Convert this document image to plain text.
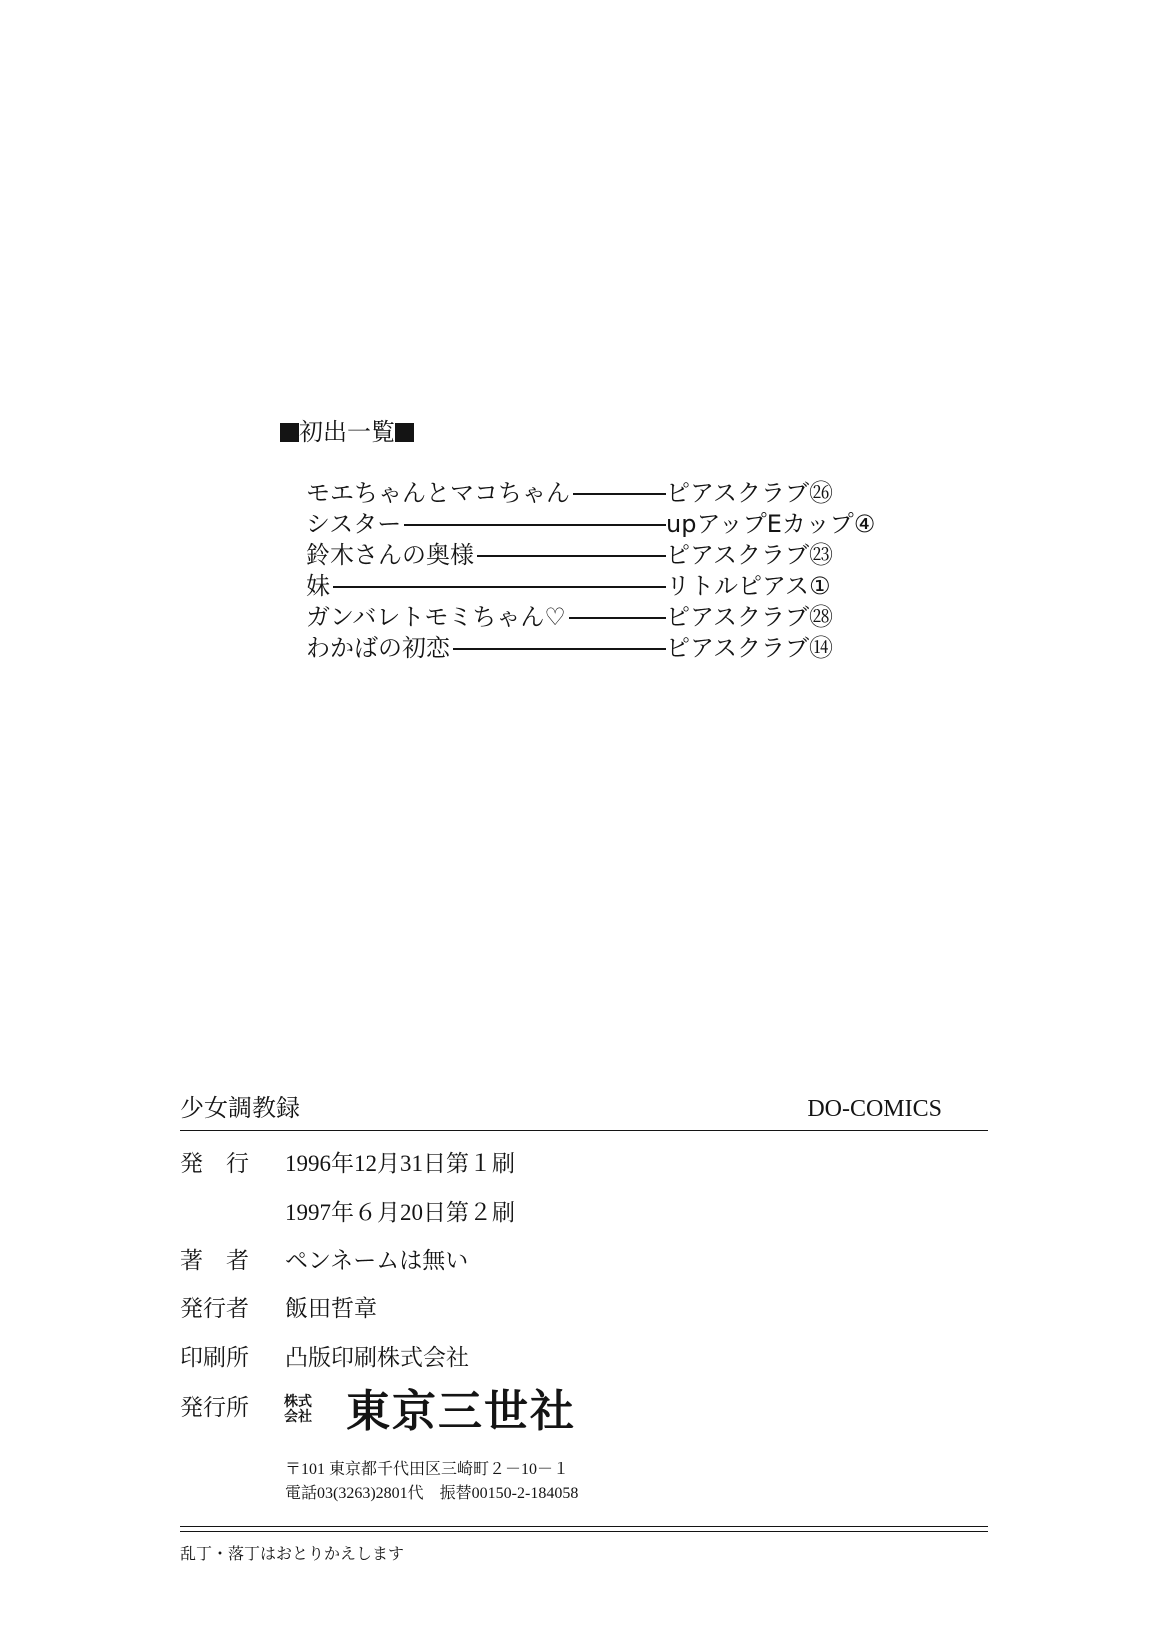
初出一覧
モエちゃんとマコちゃん	ピアスクラブ㉖
シスター	upアップEカップ④
鈴木さんの奥様	ピアスクラブ㉓
妹	リトルピアス①
ガンバレトモミちゃん♡	ピアスクラブ㉘
わかばの初恋	ピアスクラブ⑭
少女調教録	DO-COMICS
発　行 1996年12月31日第１刷
1997年６月20日第２刷
著　者 ペンネームは無い
発行者 飯田哲章
印刷所 凸版印刷株式会社
発行所	株式会社 東京三世社
〒101 東京都千代田区三崎町２－10－１
電話03(3263)2801代　振替00150-2-184058
乱丁・落丁はおとりかえします
